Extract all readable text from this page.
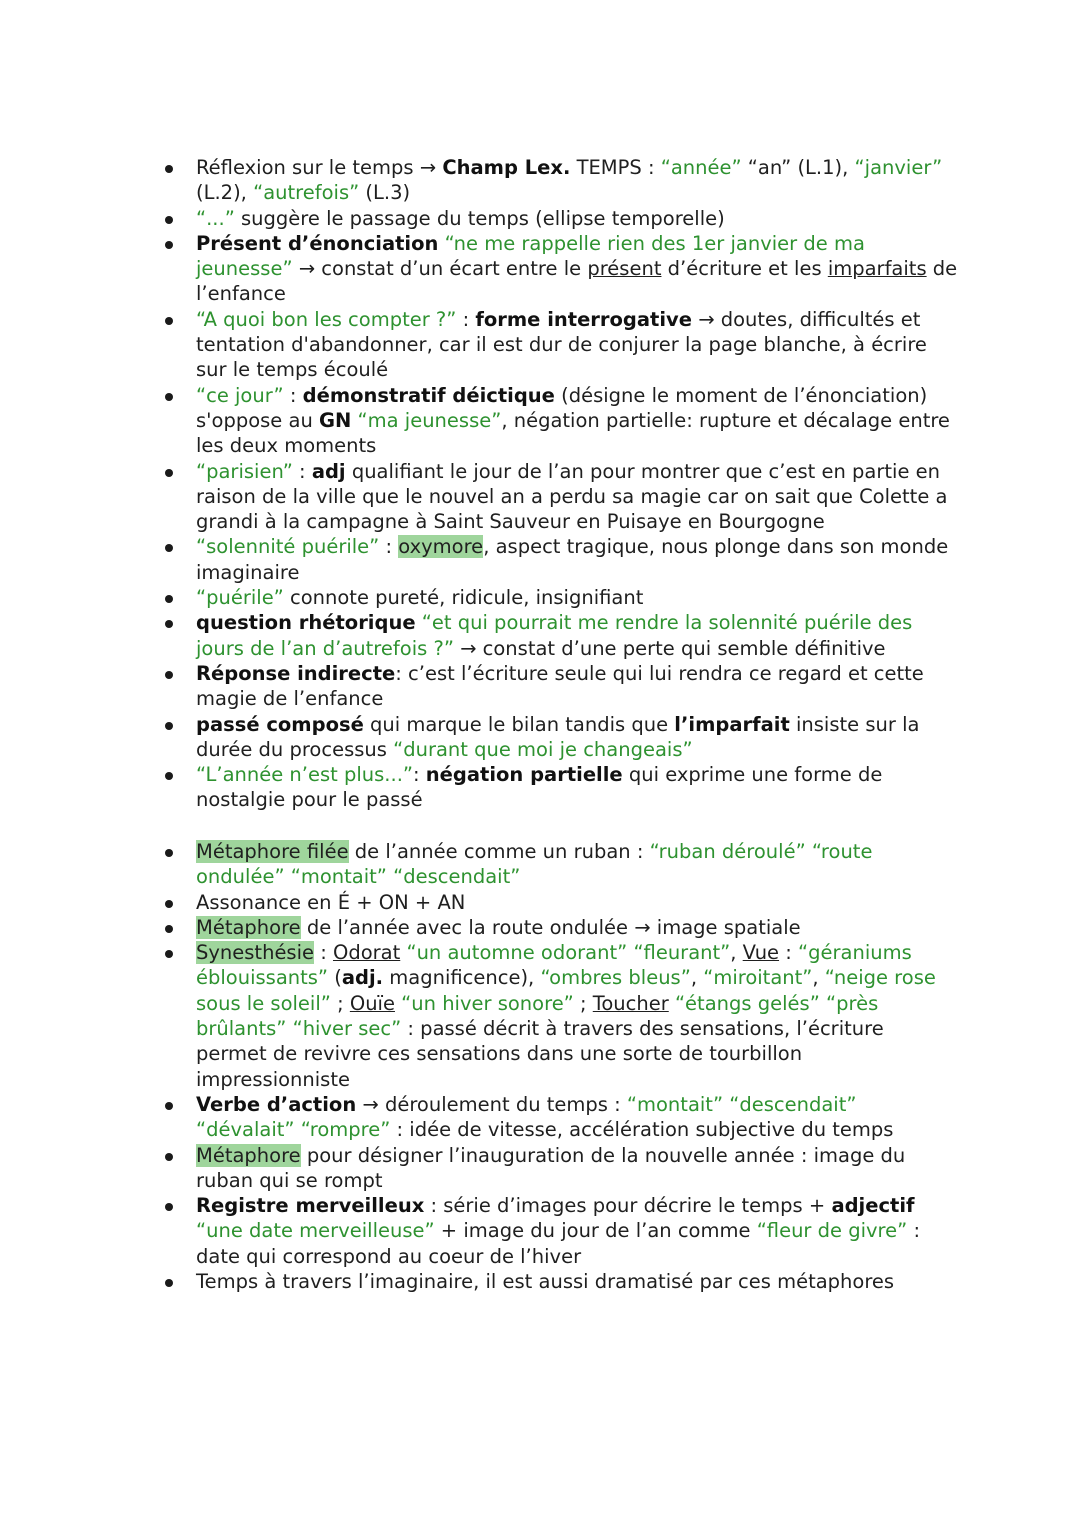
Réflexion sur le temps → Champ Lex. TEMPS : “année” “an” (L.1), “janvier” (L.2), “autrefois” (L.3)
“...” suggère le passage du temps (ellipse temporelle)
Présent d’énonciation “ne me rappelle rien des 1er janvier de ma jeunesse” → constat d’un écart entre le présent d’écriture et les imparfaits de l’enfance
“A quoi bon les compter ?” : forme interrogative → doutes, difficultés et tentation d'abandonner, car il est dur de conjurer la page blanche, à écrire sur le temps écoulé
“ce jour” : démonstratif déictique (désigne le moment de l’énonciation) s'oppose au GN “ma jeunesse”, négation partielle: rupture et décalage entre les deux moments
“parisien” : adj qualifiant le jour de l’an pour montrer que c’est en partie en raison de la ville que le nouvel an a perdu sa magie car on sait que Colette a grandi à la campagne à Saint Sauveur en Puisaye en Bourgogne
“solennité puérile” : oxymore, aspect tragique, nous plonge dans son monde imaginaire
“puérile” connote pureté, ridicule, insignifiant
question rhétorique “et qui pourrait me rendre la solennité puérile des jours de l’an d’autrefois ?” → constat d’une perte qui semble définitive
Réponse indirecte: c’est l’écriture seule qui lui rendra ce regard et cette magie de l’enfance
passé composé qui marque le bilan tandis que l’imparfait insiste sur la durée du processus “durant que moi je changeais”
“L’année n’est plus...”: négation partielle qui exprime une forme de nostalgie pour le passé
Métaphore filée de l’année comme un ruban : “ruban déroulé” “route ondulée” “montait” “descendait”
Assonance en É + ON + AN
Métaphore de l’année avec la route ondulée → image spatiale
Synesthésie : Odorat “un automne odorant” “fleurant”, Vue : “géraniums éblouissants” (adj. magnificence), “ombres bleus”, “miroitant”, “neige rose sous le soleil” ; Ouïe “un hiver sonore” ; Toucher “étangs gelés” “près brûlants” “hiver sec” : passé décrit à travers des sensations, l’écriture permet de revivre ces sensations dans une sorte de tourbillon impressionniste
Verbe d’action → déroulement du temps : “montait” “descendait” “dévalait” “rompre” : idée de vitesse, accélération subjective du temps
Métaphore pour désigner l’inauguration de la nouvelle année : image du ruban qui se rompt
Registre merveilleux : série d’images pour décrire le temps + adjectif “une date merveilleuse” + image du jour de l’an comme “fleur de givre” : date qui correspond au coeur de l’hiver
Temps à travers l’imaginaire, il est aussi dramatisé par ces métaphores
